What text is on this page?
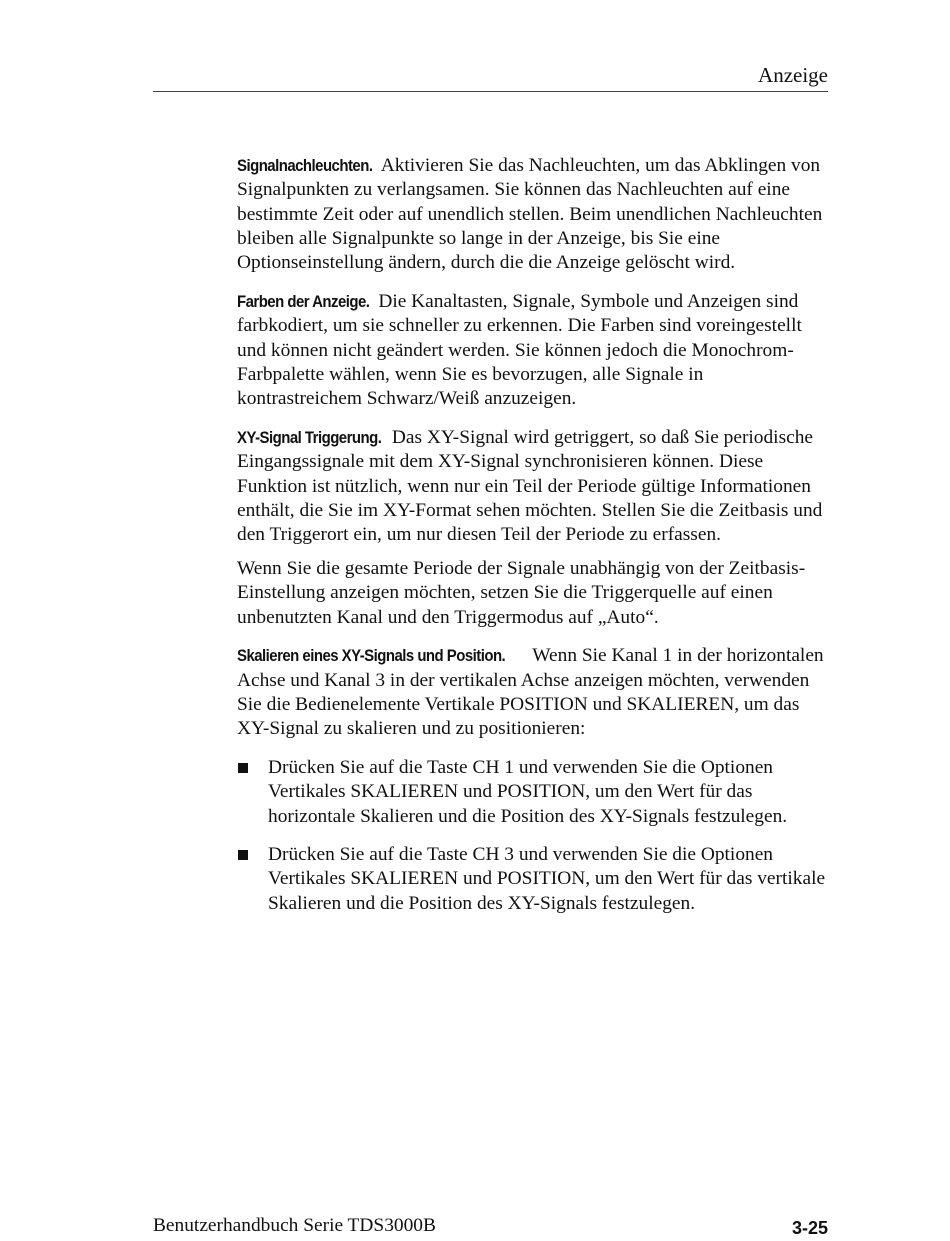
Anzeige

Signalnachleuchten. Aktivieren Sie das Nachleuchten, um das Abklingen von Signalpunkten zu verlangsamen. Sie können das Nachleuchten auf eine bestimmte Zeit oder auf unendlich stellen. Beim unendlichen Nachleuchten bleiben alle Signalpunkte so lange in der Anzeige, bis Sie eine Optionseinstellung ändern, durch die die Anzeige gelöscht wird.

Farben der Anzeige. Die Kanaltasten, Signale, Symbole und Anzeigen sind farbkodiert, um sie schneller zu erkennen. Die Farben sind voreingestellt und können nicht geändert werden. Sie können jedoch die Monochrom-Farbpalette wählen, wenn Sie es bevorzugen, alle Signale in kontrastreichem Schwarz/Weiß anzuzeigen.

XY-Signal Triggerung. Das XY-Signal wird getriggert, so daß Sie periodische Eingangssignale mit dem XY-Signal synchronisieren können. Diese Funktion ist nützlich, wenn nur ein Teil der Periode gültige Informationen enthält, die Sie im XY-Format sehen möchten. Stellen Sie die Zeitbasis und den Triggerort ein, um nur diesen Teil der Periode zu erfassen.

Wenn Sie die gesamte Periode der Signale unabhängig von der Zeitbasis-Einstellung anzeigen möchten, setzen Sie die Triggerquelle auf einen unbenutzten Kanal und den Triggermodus auf „Auto“.

Skalieren eines XY-Signals und Position. Wenn Sie Kanal 1 in der horizontalen Achse und Kanal 3 in der vertikalen Achse anzeigen möchten, verwenden Sie die Bedienelemente Vertikale POSITION und SKALIEREN, um das XY-Signal zu skalieren und zu positionieren:

Drücken Sie auf die Taste CH 1 und verwenden Sie die Optionen Vertikales SKALIEREN und POSITION, um den Wert für das horizontale Skalieren und die Position des XY-Signals festzulegen.
Drücken Sie auf die Taste CH 3 und verwenden Sie die Optionen Vertikales SKALIEREN und POSITION, um den Wert für das vertikale Skalieren und die Position des XY-Signals festzulegen.
Benutzerhandbuch Serie TDS3000B	3-25
